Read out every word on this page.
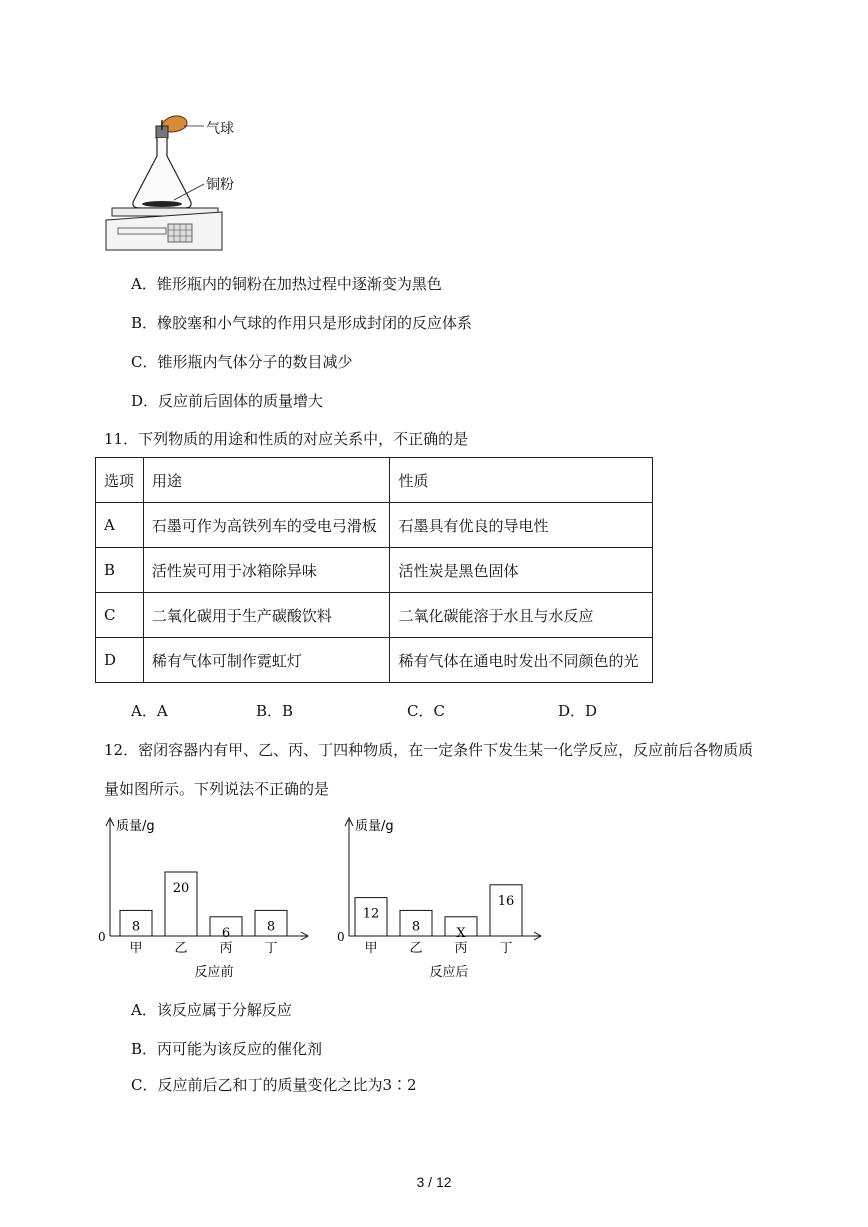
气球
铜粉
A．锥形瓶内的铜粉在加热过程中逐渐变为黑色
B．橡胶塞和小气球的作用只是形成封闭的反应体系
C．锥形瓶内气体分子的数目减少
D．反应前后固体的质量增大
11．下列物质的用途和性质的对应关系中，不正确的是
选项	用途	性质
A	石墨可作为高铁列车的受电弓滑板	石墨具有优良的导电性
B	活性炭可用于冰箱除异味	活性炭是黑色固体
C	二氧化碳用于生产碳酸饮料	二氧化碳能溶于水且与水反应
D	稀有气体可制作霓虹灯	稀有气体在通电时发出不同颜色的光
A．A	B．B	C．C	D．D
12．密闭容器内有甲、乙、丙、丁四种物质，在一定条件下发生某一化学反应，反应前后各物质质
量如图所示。下列说法不正确的是
质量/g
0
8
甲
20
乙
6
丙
8
丁
反应前
质量/g
0
12
甲
8
乙
X
丙
16
丁
反应后
A．该反应属于分解反应
B．丙可能为该反应的催化剂
C．反应前后乙和丁的质量变化之比为3∶2
3 / 12
